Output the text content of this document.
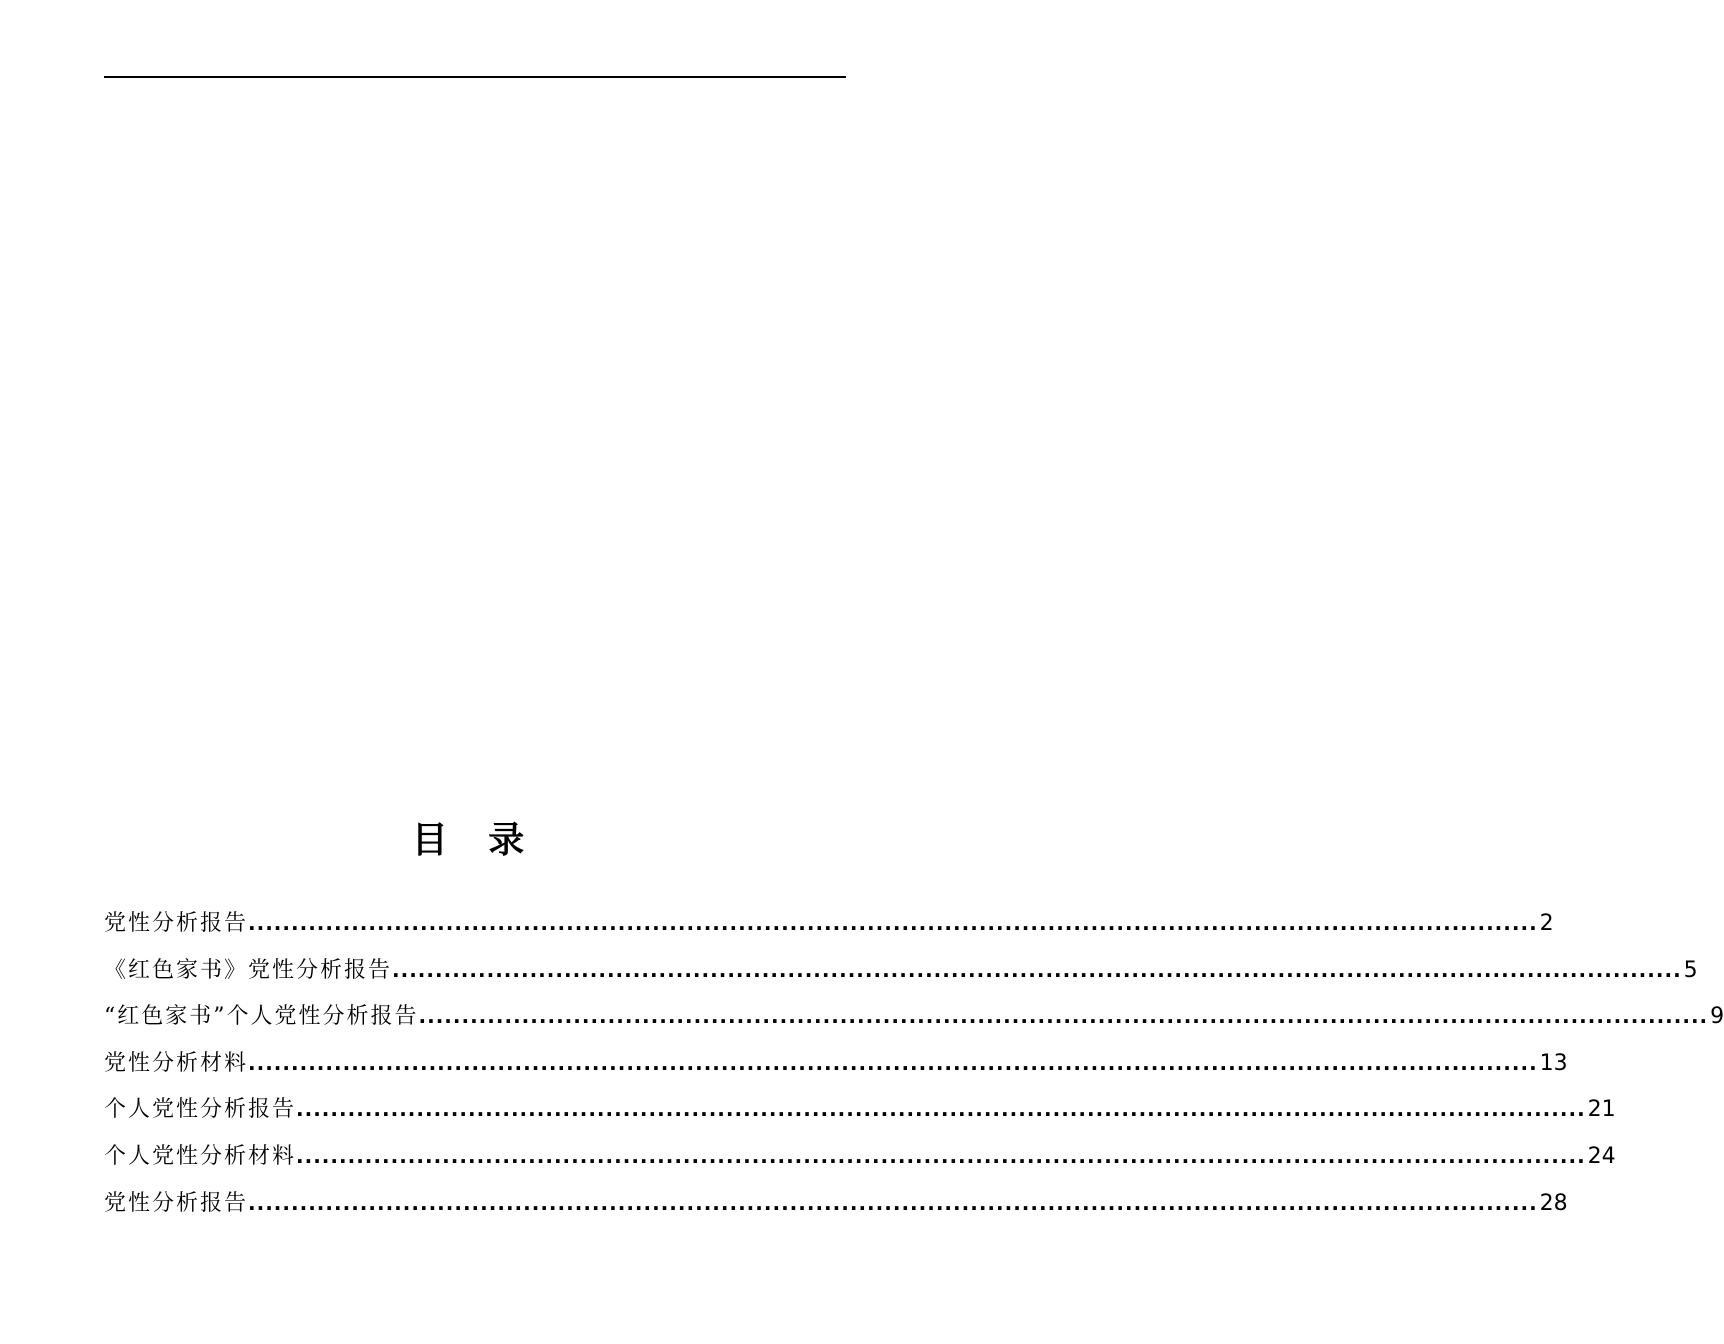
目 录
党性分析报告 ...................................................................................................................................................... 2
《红色家书》党性分析报告 ...................................................................................................................................................... 5
“红色家书”个人党性分析报告 ...................................................................................................................................................... 9
党性分析材料 ...................................................................................................................................................... 13
个人党性分析报告 ...................................................................................................................................................... 21
个人党性分析材料 ...................................................................................................................................................... 24
党性分析报告 ...................................................................................................................................................... 28
